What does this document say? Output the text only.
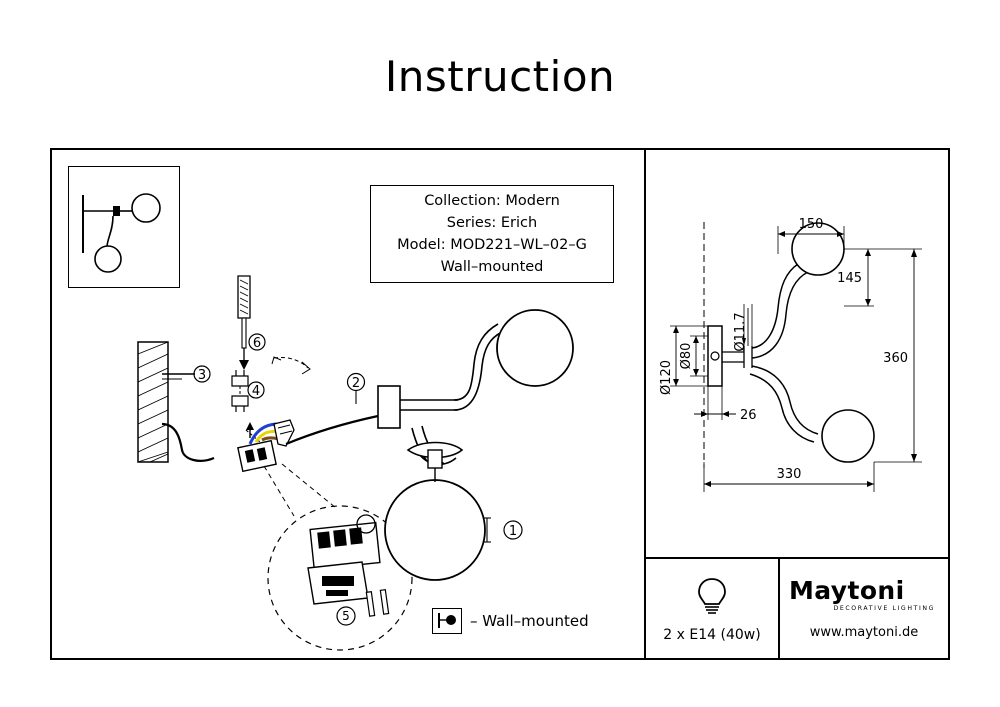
Instruction
Collection: Modern
Series: Erich
Model: MOD221–WL–02–G
Wall–mounted
3
6
4
5
2
1
– Wall–mounted
150
145
360
330
26
Ø120
Ø80
Ø11.7
2 x E14 (40w)
Maytoni
DECORATIVE LIGHTING
www.maytoni.de
